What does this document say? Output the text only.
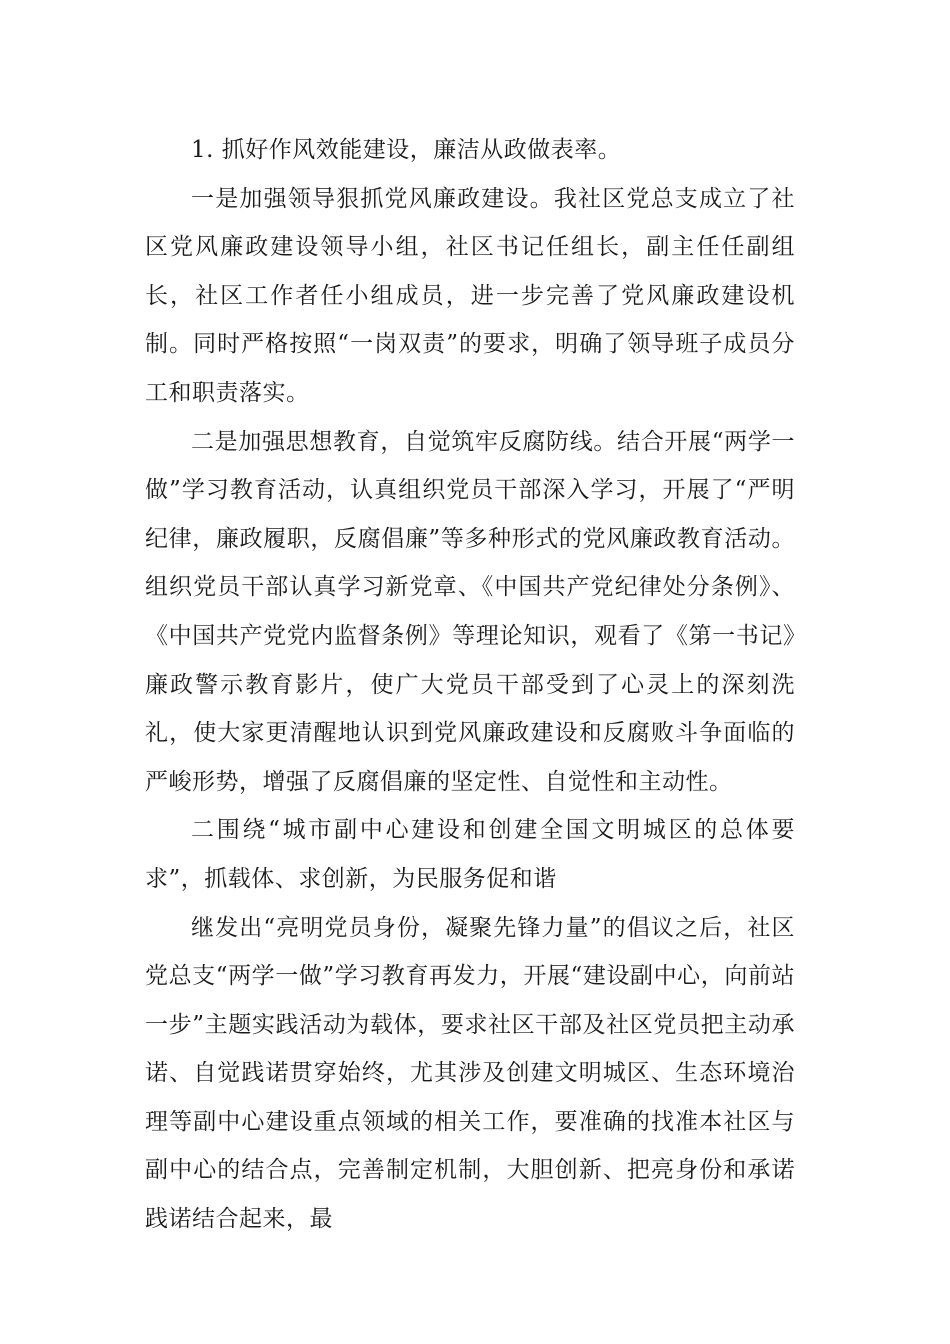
1. 抓好作风效能建设，廉洁从政做表率。

一是加强领导狠抓党风廉政建设。我社区党总支成立了社区党风廉政建设领导小组，社区书记任组长，副主任任副组长，社区工作者任小组成员，进一步完善了党风廉政建设机制。同时严格按照“一岗双责”的要求，明确了领导班子成员分工和职责落实。

二是加强思想教育，自觉筑牢反腐防线。结合开展“两学一做”学习教育活动，认真组织党员干部深入学习，开展了“严明纪律，廉政履职，反腐倡廉”等多种形式的党风廉政教育活动。组织党员干部认真学习新党章、《中国共产党纪律处分条例》、《中国共产党党内监督条例》等理论知识，观看了《第一书记》廉政警示教育影片，使广大党员干部受到了心灵上的深刻洗礼，使大家更清醒地认识到党风廉政建设和反腐败斗争面临的严峻形势，增强了反腐倡廉的坚定性、自觉性和主动性。

二围绕“城市副中心建设和创建全国文明城区的总体要求”，抓载体、求创新，为民服务促和谐

继发出“亮明党员身份，凝聚先锋力量”的倡议之后，社区党总支“两学一做”学习教育再发力，开展“建设副中心，向前站一步”主题实践活动为载体，要求社区干部及社区党员把主动承诺、自觉践诺贯穿始终，尤其涉及创建文明城区、生态环境治理等副中心建设重点领域的相关工作，要准确的找准本社区与副中心的结合点，完善制定机制，大胆创新、把亮身份和承诺践诺结合起来，最
